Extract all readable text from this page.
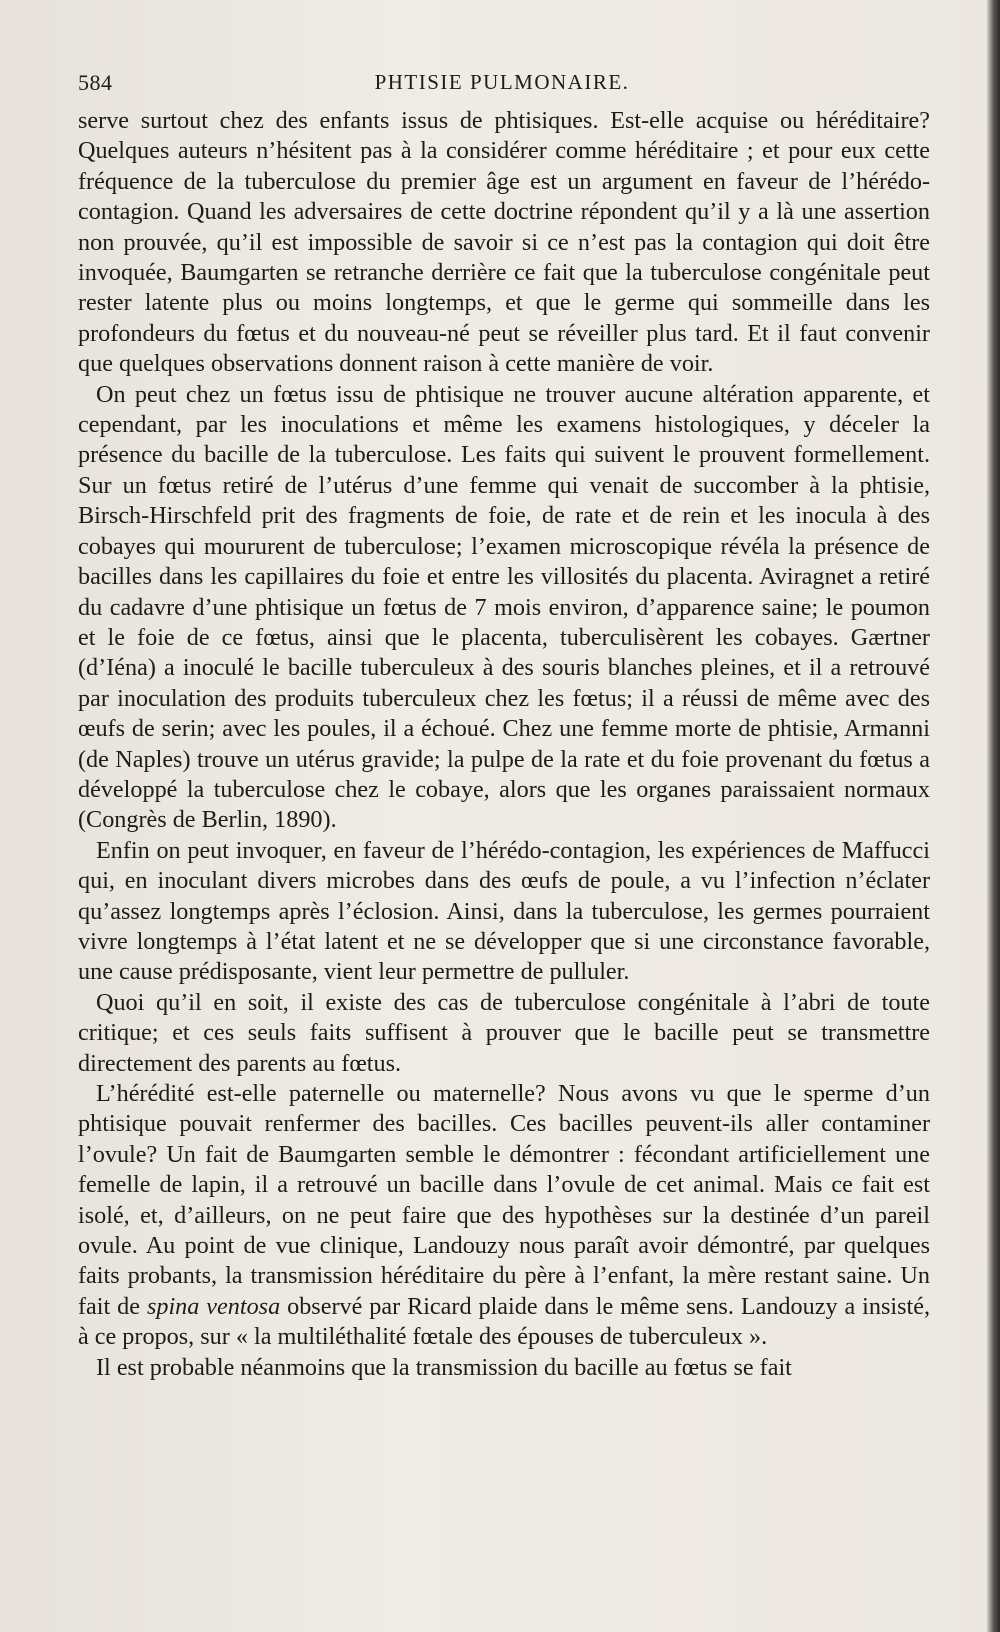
584	PHTISIE PULMONAIRE.

serve surtout chez des enfants issus de phtisiques. Est-elle acquise ou héréditaire? Quelques auteurs n’hésitent pas à la considérer comme héréditaire ; et pour eux cette fréquence de la tuberculose du premier âge est un argument en faveur de l’hérédo-contagion. Quand les adversaires de cette doctrine répondent qu’il y a là une assertion non prouvée, qu’il est impossible de savoir si ce n’est pas la contagion qui doit être invoquée, Baumgarten se retranche derrière ce fait que la tuberculose congénitale peut rester latente plus ou moins longtemps, et que le germe qui sommeille dans les profondeurs du fœtus et du nouveau-né peut se réveiller plus tard. Et il faut convenir que quelques observations donnent raison à cette manière de voir.

On peut chez un fœtus issu de phtisique ne trouver aucune altération apparente, et cependant, par les inoculations et même les examens histologiques, y déceler la présence du bacille de la tuberculose. Les faits qui suivent le prouvent formellement. Sur un fœtus retiré de l’utérus d’une femme qui venait de succomber à la phtisie, Birsch-Hirschfeld prit des fragments de foie, de rate et de rein et les inocula à des cobayes qui moururent de tuberculose; l’examen microscopique révéla la présence de bacilles dans les capillaires du foie et entre les villosités du placenta. Aviragnet a retiré du cadavre d’une phtisique un fœtus de 7 mois environ, d’apparence saine; le poumon et le foie de ce fœtus, ainsi que le placenta, tuberculisèrent les cobayes. Gærtner (d’Iéna) a inoculé le bacille tuberculeux à des souris blanches pleines, et il a retrouvé par inoculation des produits tuberculeux chez les fœtus; il a réussi de même avec des œufs de serin; avec les poules, il a échoué. Chez une femme morte de phtisie, Armanni (de Naples) trouve un utérus gravide; la pulpe de la rate et du foie provenant du fœtus a développé la tuberculose chez le cobaye, alors que les organes paraissaient normaux (Congrès de Berlin, 1890).

Enfin on peut invoquer, en faveur de l’hérédo-contagion, les expériences de Maffucci qui, en inoculant divers microbes dans des œufs de poule, a vu l’infection n’éclater qu’assez longtemps après l’éclosion. Ainsi, dans la tuberculose, les germes pourraient vivre longtemps à l’état latent et ne se développer que si une circonstance favorable, une cause prédisposante, vient leur permettre de pulluler.

Quoi qu’il en soit, il existe des cas de tuberculose congénitale à l’abri de toute critique; et ces seuls faits suffisent à prouver que le bacille peut se transmettre directement des parents au fœtus.

L’hérédité est-elle paternelle ou maternelle? Nous avons vu que le sperme d’un phtisique pouvait renfermer des bacilles. Ces bacilles peuvent-ils aller contaminer l’ovule? Un fait de Baumgarten semble le démontrer : fécondant artificiellement une femelle de lapin, il a retrouvé un bacille dans l’ovule de cet animal. Mais ce fait est isolé, et, d’ailleurs, on ne peut faire que des hypothèses sur la destinée d’un pareil ovule. Au point de vue clinique, Landouzy nous paraît avoir démontré, par quelques faits probants, la transmission héréditaire du père à l’enfant, la mère restant saine. Un fait de spina ventosa observé par Ricard plaide dans le même sens. Landouzy a insisté, à ce propos, sur « la multiléthalité fœtale des épouses de tuberculeux ».

Il est probable néanmoins que la transmission du bacille au fœtus se fait
